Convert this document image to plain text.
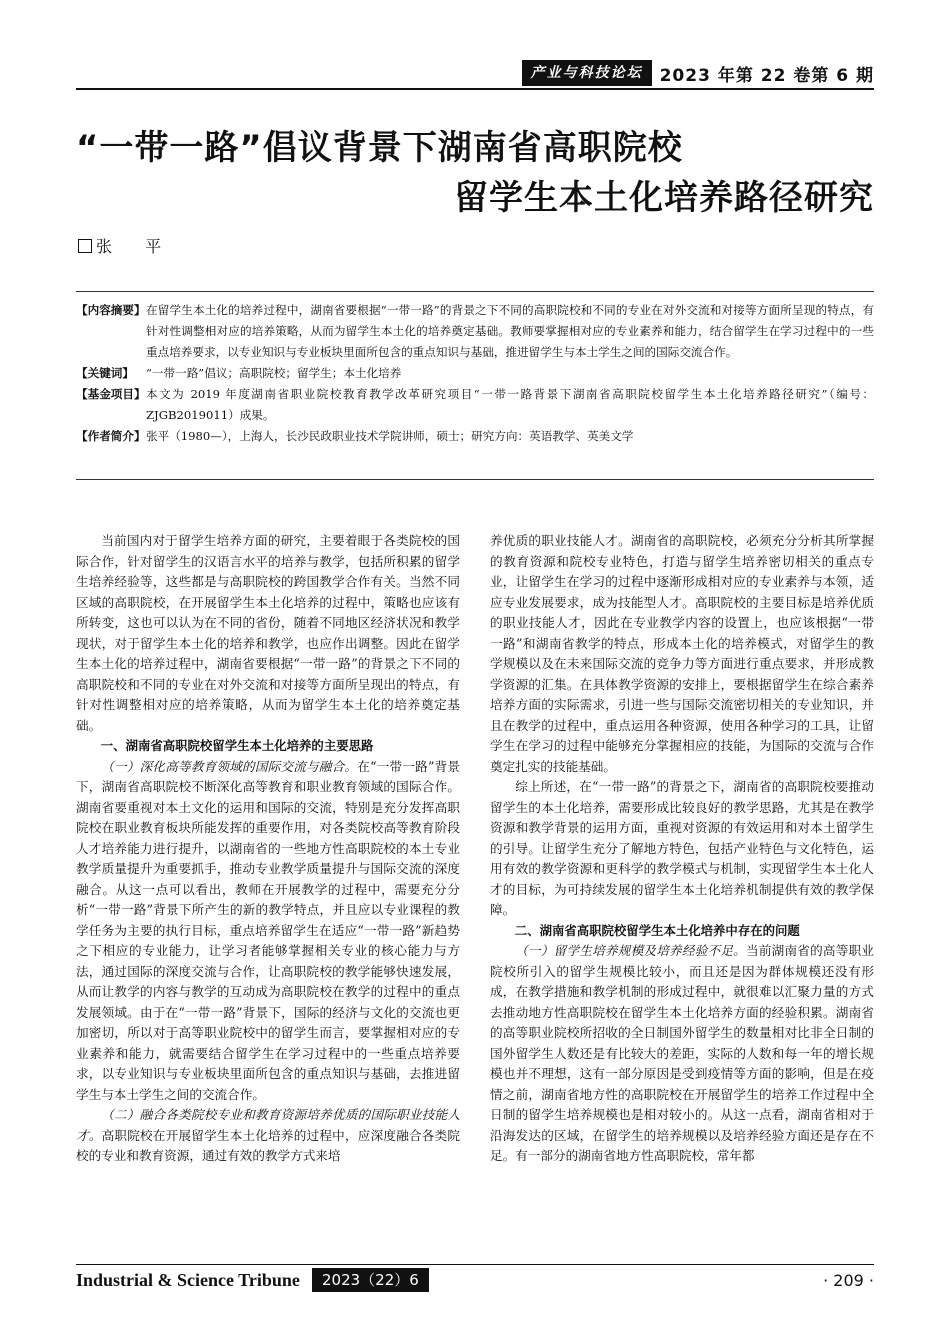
产业与科技论坛	2023 年第 22 卷第 6 期
“一带一路”倡议背景下湖南省高职院校
留学生本土化培养路径研究
张 平
【内容摘要】 在留学生本土化的培养过程中，湖南省要根据“一带一路”的背景之下不同的高职院校和不同的专业在对外交流和对接等方面所呈现的特点，有针对性调整相对应的培养策略，从而为留学生本土化的培养奠定基础。教师要掌握相对应的专业素养和能力，结合留学生在学习过程中的一些重点培养要求，以专业知识与专业板块里面所包含的重点知识与基础，推进留学生与本土学生之间的国际交流合作。
【关键词】	“一带一路”倡议；高职院校；留学生；本土化培养
【基金项目】 本文为 2019 年度湖南省职业院校教育教学改革研究项目“一带一路背景下湖南省高职院校留学生本土化培养路径研究”（编号：ZJGB2019011）成果。
【作者简介】 张平（1980—），上海人，长沙民政职业技术学院讲师，硕士；研究方向：英语教学、英美文学

当前国内对于留学生培养方面的研究，主要着眼于各类院校的国际合作，针对留学生的汉语言水平的培养与教学，包括所积累的留学生培养经验等，这些都是与高职院校的跨国教学合作有关。当然不同区域的高职院校，在开展留学生本土化培养的过程中，策略也应该有所转变，这也可以认为在不同的省份，随着不同地区经济状况和教学现状，对于留学生本土化的培养和教学，也应作出调整。因此在留学生本土化的培养过程中，湖南省要根据“一带一路”的背景之下不同的高职院校和不同的专业在对外交流和对接等方面所呈现出的特点，有针对性调整相对应的培养策略，从而为留学生本土化的培养奠定基础。

一、湖南省高职院校留学生本土化培养的主要思路

（一）深化高等教育领域的国际交流与融合。在“一带一路”背景下，湖南省高职院校不断深化高等教育和职业教育领域的国际合作。湖南省要重视对本土文化的运用和国际的交流，特别是充分发挥高职院校在职业教育板块所能发挥的重要作用，对各类院校高等教育阶段人才培养能力进行提升，以湖南省的一些地方性高职院校的本土专业教学质量提升为重要抓手，推动专业教学质量提升与国际交流的深度融合。从这一点可以看出，教师在开展教学的过程中，需要充分分析“一带一路”背景下所产生的新的教学特点，并且应以专业课程的教学任务为主要的执行目标，重点培养留学生在适应“一带一路”新趋势之下相应的专业能力，让学习者能够掌握相关专业的核心能力与方法，通过国际的深度交流与合作，让高职院校的教学能够快速发展，从而让教学的内容与教学的互动成为高职院校在教学的过程中的重点发展领域。由于在“一带一路”背景下，国际的经济与文化的交流也更加密切，所以对于高等职业院校中的留学生而言，要掌握相对应的专业素养和能力，就需要结合留学生在学习过程中的一些重点培养要求，以专业知识与专业板块里面所包含的重点知识与基础，去推进留学生与本土学生之间的交流合作。

（二）融合各类院校专业和教育资源培养优质的国际职业技能人才。高职院校在开展留学生本土化培养的过程中，应深度融合各类院校的专业和教育资源，通过有效的教学方式来培

养优质的职业技能人才。湖南省的高职院校，必须充分分析其所掌握的教育资源和院校专业特色，打造与留学生培养密切相关的重点专业，让留学生在学习的过程中逐渐形成相对应的专业素养与本领，适应专业发展要求，成为技能型人才。高职院校的主要目标是培养优质的职业技能人才，因此在专业教学内容的设置上，也应该根据“一带一路”和湖南省教学的特点，形成本土化的培养模式，对留学生的教学规模以及在未来国际交流的竞争力等方面进行重点要求，并形成教学资源的汇集。在具体教学资源的安排上，要根据留学生在综合素养培养方面的实际需求，引进一些与国际交流密切相关的专业知识，并且在教学的过程中，重点运用各种资源，使用各种学习的工具，让留学生在学习的过程中能够充分掌握相应的技能，为国际的交流与合作奠定扎实的技能基础。

综上所述，在“一带一路”的背景之下，湖南省的高职院校要推动留学生的本土化培养，需要形成比较良好的教学思路，尤其是在教学资源和教学背景的运用方面，重视对资源的有效运用和对本土留学生的引导。让留学生充分了解地方特色，包括产业特色与文化特色，运用有效的教学资源和更科学的教学模式与机制，实现留学生本土化人才的目标，为可持续发展的留学生本土化培养机制提供有效的教学保障。

二、湖南省高职院校留学生本土化培养中存在的问题

（一）留学生培养规模及培养经验不足。当前湖南省的高等职业院校所引入的留学生规模比较小，而且还是因为群体规模还没有形成，在教学措施和教学机制的形成过程中，就很难以汇聚力量的方式去推动地方性高职院校在留学生本土化培养方面的经验积累。湖南省的高等职业院校所招收的全日制国外留学生的数量相对比非全日制的国外留学生人数还是有比较大的差距，实际的人数和每一年的增长规模也并不理想，这有一部分原因是受到疫情等方面的影响，但是在疫情之前，湖南省地方性的高职院校在开展留学生的培养工作过程中全日制的留学生培养规模也是相对较小的。从这一点看，湖南省相对于沿海发达的区域，在留学生的培养规模以及培养经验方面还是存在不足。有一部分的湖南省地方性高职院校，常年都

Industrial & Science Tribune	2023（22）6	· 209 ·
